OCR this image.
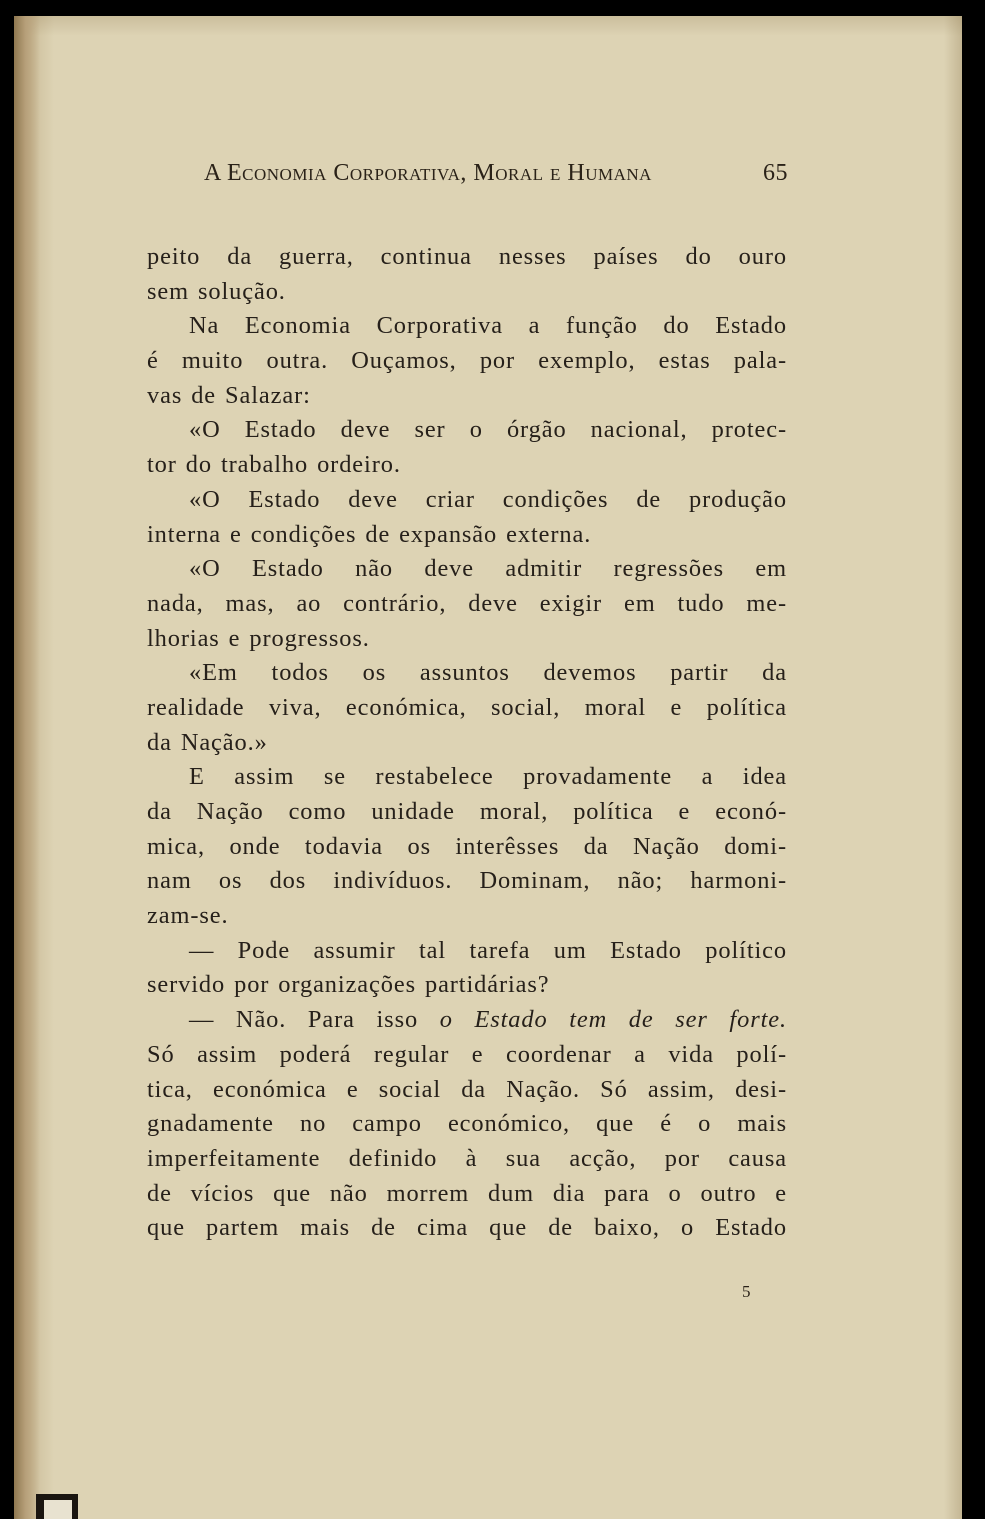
A Economia Corporativa, Moral e Humana	65
peito da guerra, continua nesses países do ouro
sem solução.
Na Economia Corporativa a função do Estado
é muito outra. Ouçamos, por exemplo, estas pala-
vas de Salazar:
«O Estado deve ser o órgão nacional, protec-
tor do trabalho ordeiro.
«O Estado deve criar condições de produção
interna e condições de expansão externa.
«O Estado não deve admitir regressões em
nada, mas, ao contrário, deve exigir em tudo me-
lhorias e progressos.
«Em todos os assuntos devemos partir da
realidade viva, económica, social, moral e política
da Nação.»
E assim se restabelece provadamente a idea
da Nação como unidade moral, política e econó-
mica, onde todavia os interêsses da Nação domi-
nam os dos indivíduos. Dominam, não; harmoni-
zam-se.
— Pode assumir tal tarefa um Estado político
servido por organizações partidárias?
— Não. Para isso o Estado tem de ser forte.
Só assim poderá regular e coordenar a vida polí-
tica, económica e social da Nação. Só assim, desi-
gnadamente no campo económico, que é o mais
imperfeitamente definido à sua acção, por causa
de vícios que não morrem dum dia para o outro e
que partem mais de cima que de baixo, o Estado
5
